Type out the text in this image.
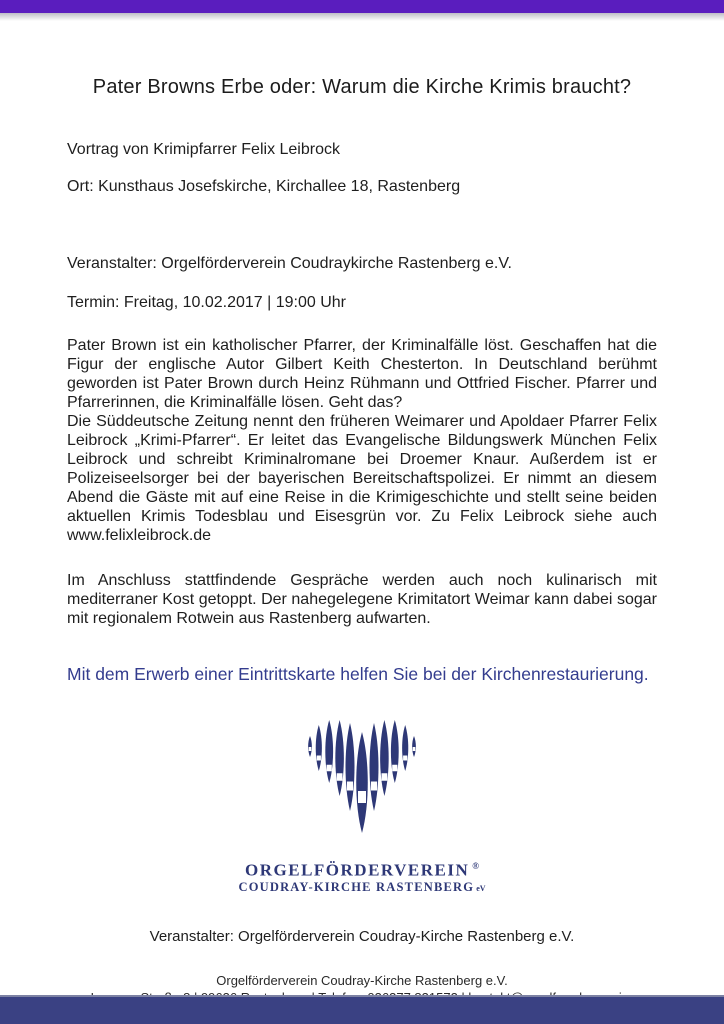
Pater Browns Erbe oder: Warum die Kirche Krimis braucht?

Vortrag von Krimipfarrer Felix Leibrock

Ort: Kunsthaus Josefskirche, Kirchallee 18, Rastenberg

Veranstalter: Orgelförderverein Coudraykirche Rastenberg e.V.

Termin: Freitag, 10.02.2017 | 19:00 Uhr

Pater Brown ist ein katholischer Pfarrer, der Kriminalfälle löst. Geschaffen hat die Figur der englische Autor Gilbert Keith Chesterton. In Deutschland berühmt geworden ist Pater Brown durch Heinz Rühmann und Ottfried Fischer. Pfarrer und Pfarrerinnen, die Kriminalfälle lösen. Geht das?

Die Süddeutsche Zeitung nennt den früheren Weimarer und Apoldaer Pfarrer Felix Leibrock „Krimi-Pfarrer“. Er leitet das Evangelische Bildungswerk München Felix Leibrock und schreibt Kriminalromane bei Droemer Knaur. Außerdem ist er Polizeiseelsorger bei der bayerischen Bereitschaftspolizei. Er nimmt an diesem Abend die Gäste mit auf eine Reise in die Krimigeschichte und stellt seine beiden aktuellen Krimis Todesblau und Eisesgrün vor. Zu Felix Leibrock siehe auch www.felixleibrock.de

Im Anschluss stattfindende Gespräche werden auch noch kulinarisch mit mediterraner Kost getoppt. Der nahegelegene Krimitatort Weimar kann dabei sogar mit regionalem Rotwein aus Rastenberg aufwarten.

Mit dem Erwerb einer Eintrittskarte helfen Sie bei der Kirchenrestaurierung.

ORGELFÖRDERVEREIN ®
COUDRAY-KIRCHE RASTENBERG eV

Veranstalter: Orgelförderverein Coudray-Kirche Rastenberg e.V.

Orgelförderverein Coudray-Kirche Rastenberg e.V.
